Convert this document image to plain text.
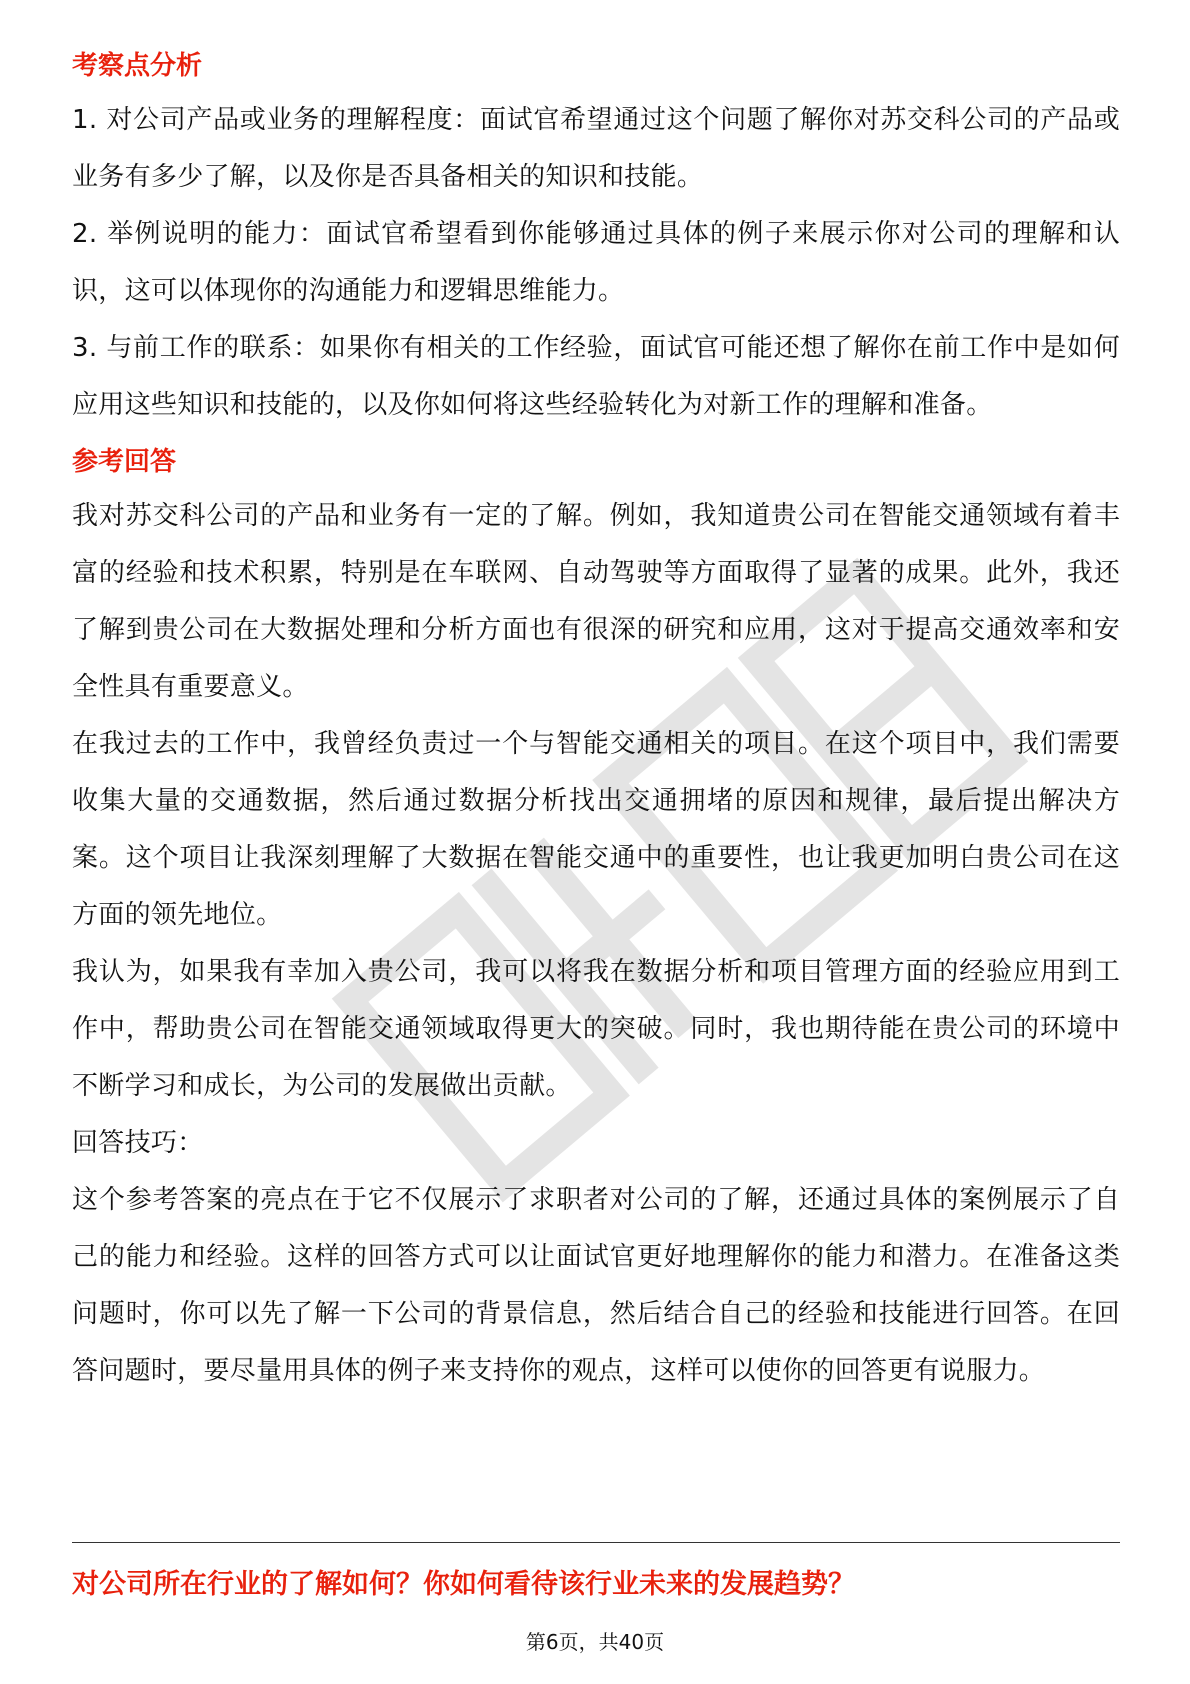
考察点分析

1. 对公司产品或业务的理解程度：面试官希望通过这个问题了解你对苏交科公司的产品或业务有多少了解，以及你是否具备相关的知识和技能。

2. 举例说明的能力：面试官希望看到你能够通过具体的例子来展示你对公司的理解和认识，这可以体现你的沟通能力和逻辑思维能力。

3. 与前工作的联系：如果你有相关的工作经验，面试官可能还想了解你在前工作中是如何应用这些知识和技能的，以及你如何将这些经验转化为对新工作的理解和准备。

参考回答

我对苏交科公司的产品和业务有一定的了解。例如，我知道贵公司在智能交通领域有着丰富的经验和技术积累，特别是在车联网、自动驾驶等方面取得了显著的成果。此外，我还了解到贵公司在大数据处理和分析方面也有很深的研究和应用，这对于提高交通效率和安全性具有重要意义。

在我过去的工作中，我曾经负责过一个与智能交通相关的项目。在这个项目中，我们需要收集大量的交通数据，然后通过数据分析找出交通拥堵的原因和规律，最后提出解决方案。这个项目让我深刻理解了大数据在智能交通中的重要性，也让我更加明白贵公司在这方面的领先地位。

我认为，如果我有幸加入贵公司，我可以将我在数据分析和项目管理方面的经验应用到工作中，帮助贵公司在智能交通领域取得更大的突破。同时，我也期待能在贵公司的环境中不断学习和成长，为公司的发展做出贡献。

回答技巧：

这个参考答案的亮点在于它不仅展示了求职者对公司的了解，还通过具体的案例展示了自己的能力和经验。这样的回答方式可以让面试官更好地理解你的能力和潜力。在准备这类问题时，你可以先了解一下公司的背景信息，然后结合自己的经验和技能进行回答。在回答问题时，要尽量用具体的例子来支持你的观点，这样可以使你的回答更有说服力。

对公司所在行业的了解如何？你如何看待该行业未来的发展趋势？
第6页，共40页
